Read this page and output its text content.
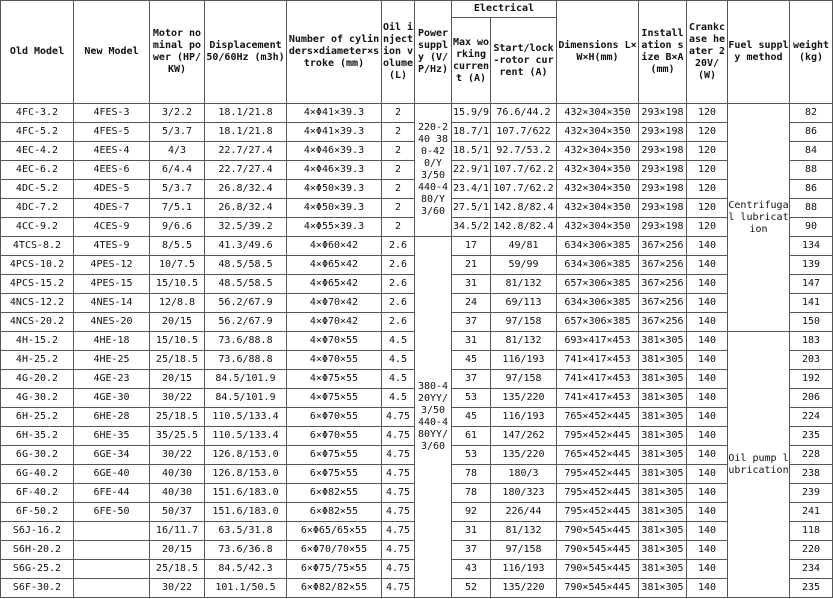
Old Model	New Model	Motor nominal power (HP/KW)	Displacement 50/60Hz (m3h)	Number of cylinders×diameter×stroke (mm)	Oil injection volume (L)	Power supply (V/P/Hz)	Electrical		Dimensions L×W×H(mm)	Installation size B×A (mm)	Crankcase heater 220V/(W)	Fuel supply method	weight(kg)
							Max working current (A)	Start/lock-rotor current (A)					
4FC-3.2	4FES-3	3/2.2	18.1/21.8	4×Φ41×39.3	2	220-240 380-420/Y 3/50 440-480/Y 3/60	15.9/9	76.6/44.2	432×304×350	293×198	120	Centrifugal lubrication	82
4FC-5.2	4FES-5	5/3.7	18.1/21.8	4×Φ41×39.3	2		18.7/1	107.7/622	432×304×350	293×198	120		86
4EC-4.2	4EES-4	4/3	22.7/27.4	4×Φ46×39.3	2		18.5/1	92.7/53.2	432×304×350	293×198	120		84
4EC-6.2	4EES-6	6/4.4	22.7/27.4	4×Φ46×39.3	2		22.9/1	107.7/62.2	432×304×350	293×198	120		88
4DC-5.2	4DES-5	5/3.7	26.8/32.4	4×Φ50×39.3	2		23.4/1	107.7/62.2	432×304×350	293×198	120		86
4DC-7.2	4DES-7	7/5.1	26.8/32.4	4×Φ50×39.3	2		27.5/1	142.8/82.4	432×304×350	293×198	120		88
4CC-9.2	4CES-9	9/6.6	32.5/39.2	4×Φ55×39.3	2		34.5/2	142.8/82.4	432×304×350	293×198	120		90
4TCS-8.2	4TES-9	8/5.5	41.3/49.6	4×Φ60×42	2.6	380-420YY/3/50 440-480YY/3/60	17	49/81	634×306×385	367×256	140		134
4PCS-10.2	4PES-12	10/7.5	48.5/58.5	4×Φ65×42	2.6		21	59/99	634×306×385	367×256	140		139
4PCS-15.2	4PES-15	15/10.5	48.5/58.5	4×Φ65×42	2.6		31	81/132	657×306×385	367×256	140		147
4NCS-12.2	4NES-14	12/8.8	56.2/67.9	4×Φ70×42	2.6		24	69/113	634×306×385	367×256	140		141
4NCS-20.2	4NES-20	20/15	56.2/67.9	4×Φ70×42	2.6		37	97/158	657×306×385	367×256	140		150
4H-15.2	4HE-18	15/10.5	73.6/88.8	4×Φ70×55	4.5		31	81/132	693×417×453	381×305	140	Oil pump lubrication	183
4H-25.2	4HE-25	25/18.5	73.6/88.8	4×Φ70×55	4.5		45	116/193	741×417×453	381×305	140		203
4G-20.2	4GE-23	20/15	84.5/101.9	4×Φ75×55	4.5		37	97/158	741×417×453	381×305	140		192
4G-30.2	4GE-30	30/22	84.5/101.9	4×Φ75×55	4.5		53	135/220	741×417×453	381×305	140		206
6H-25.2	6HE-28	25/18.5	110.5/133.4	6×Φ70×55	4.75		45	116/193	765×452×445	381×305	140		224
6H-35.2	6HE-35	35/25.5	110.5/133.4	6×Φ70×55	4.75		61	147/262	795×452×445	381×305	140		235
6G-30.2	6GE-34	30/22	126.8/153.0	6×Φ75×55	4.75		53	135/220	765×452×445	381×305	140		228
6G-40.2	6GE-40	40/30	126.8/153.0	6×Φ75×55	4.75		78	180/3	795×452×445	381×305	140		238
6F-40.2	6FE-44	40/30	151.6/183.0	6×Φ82×55	4.75		78	180/323	795×452×445	381×305	140		239
6F-50.2	6FE-50	50/37	151.6/183.0	6×Φ82×55	4.75		92	226/44	795×452×445	381×305	140		241
S6J-16.2		16/11.7	63.5/31.8	6×Φ65/65×55	4.75		31	81/132	790×545×445	381×305	140		118
S6H-20.2		20/15	73.6/36.8	6×Φ70/70×55	4.75		37	97/158	790×545×445	381×305	140		220
S6G-25.2		25/18.5	84.5/42.3	6×Φ75/75×55	4.75		43	116/193	790×545×445	381×305	140		234
S6F-30.2		30/22	101.1/50.5	6×Φ82/82×55	4.75		52	135/220	790×545×445	381×305	140		235
